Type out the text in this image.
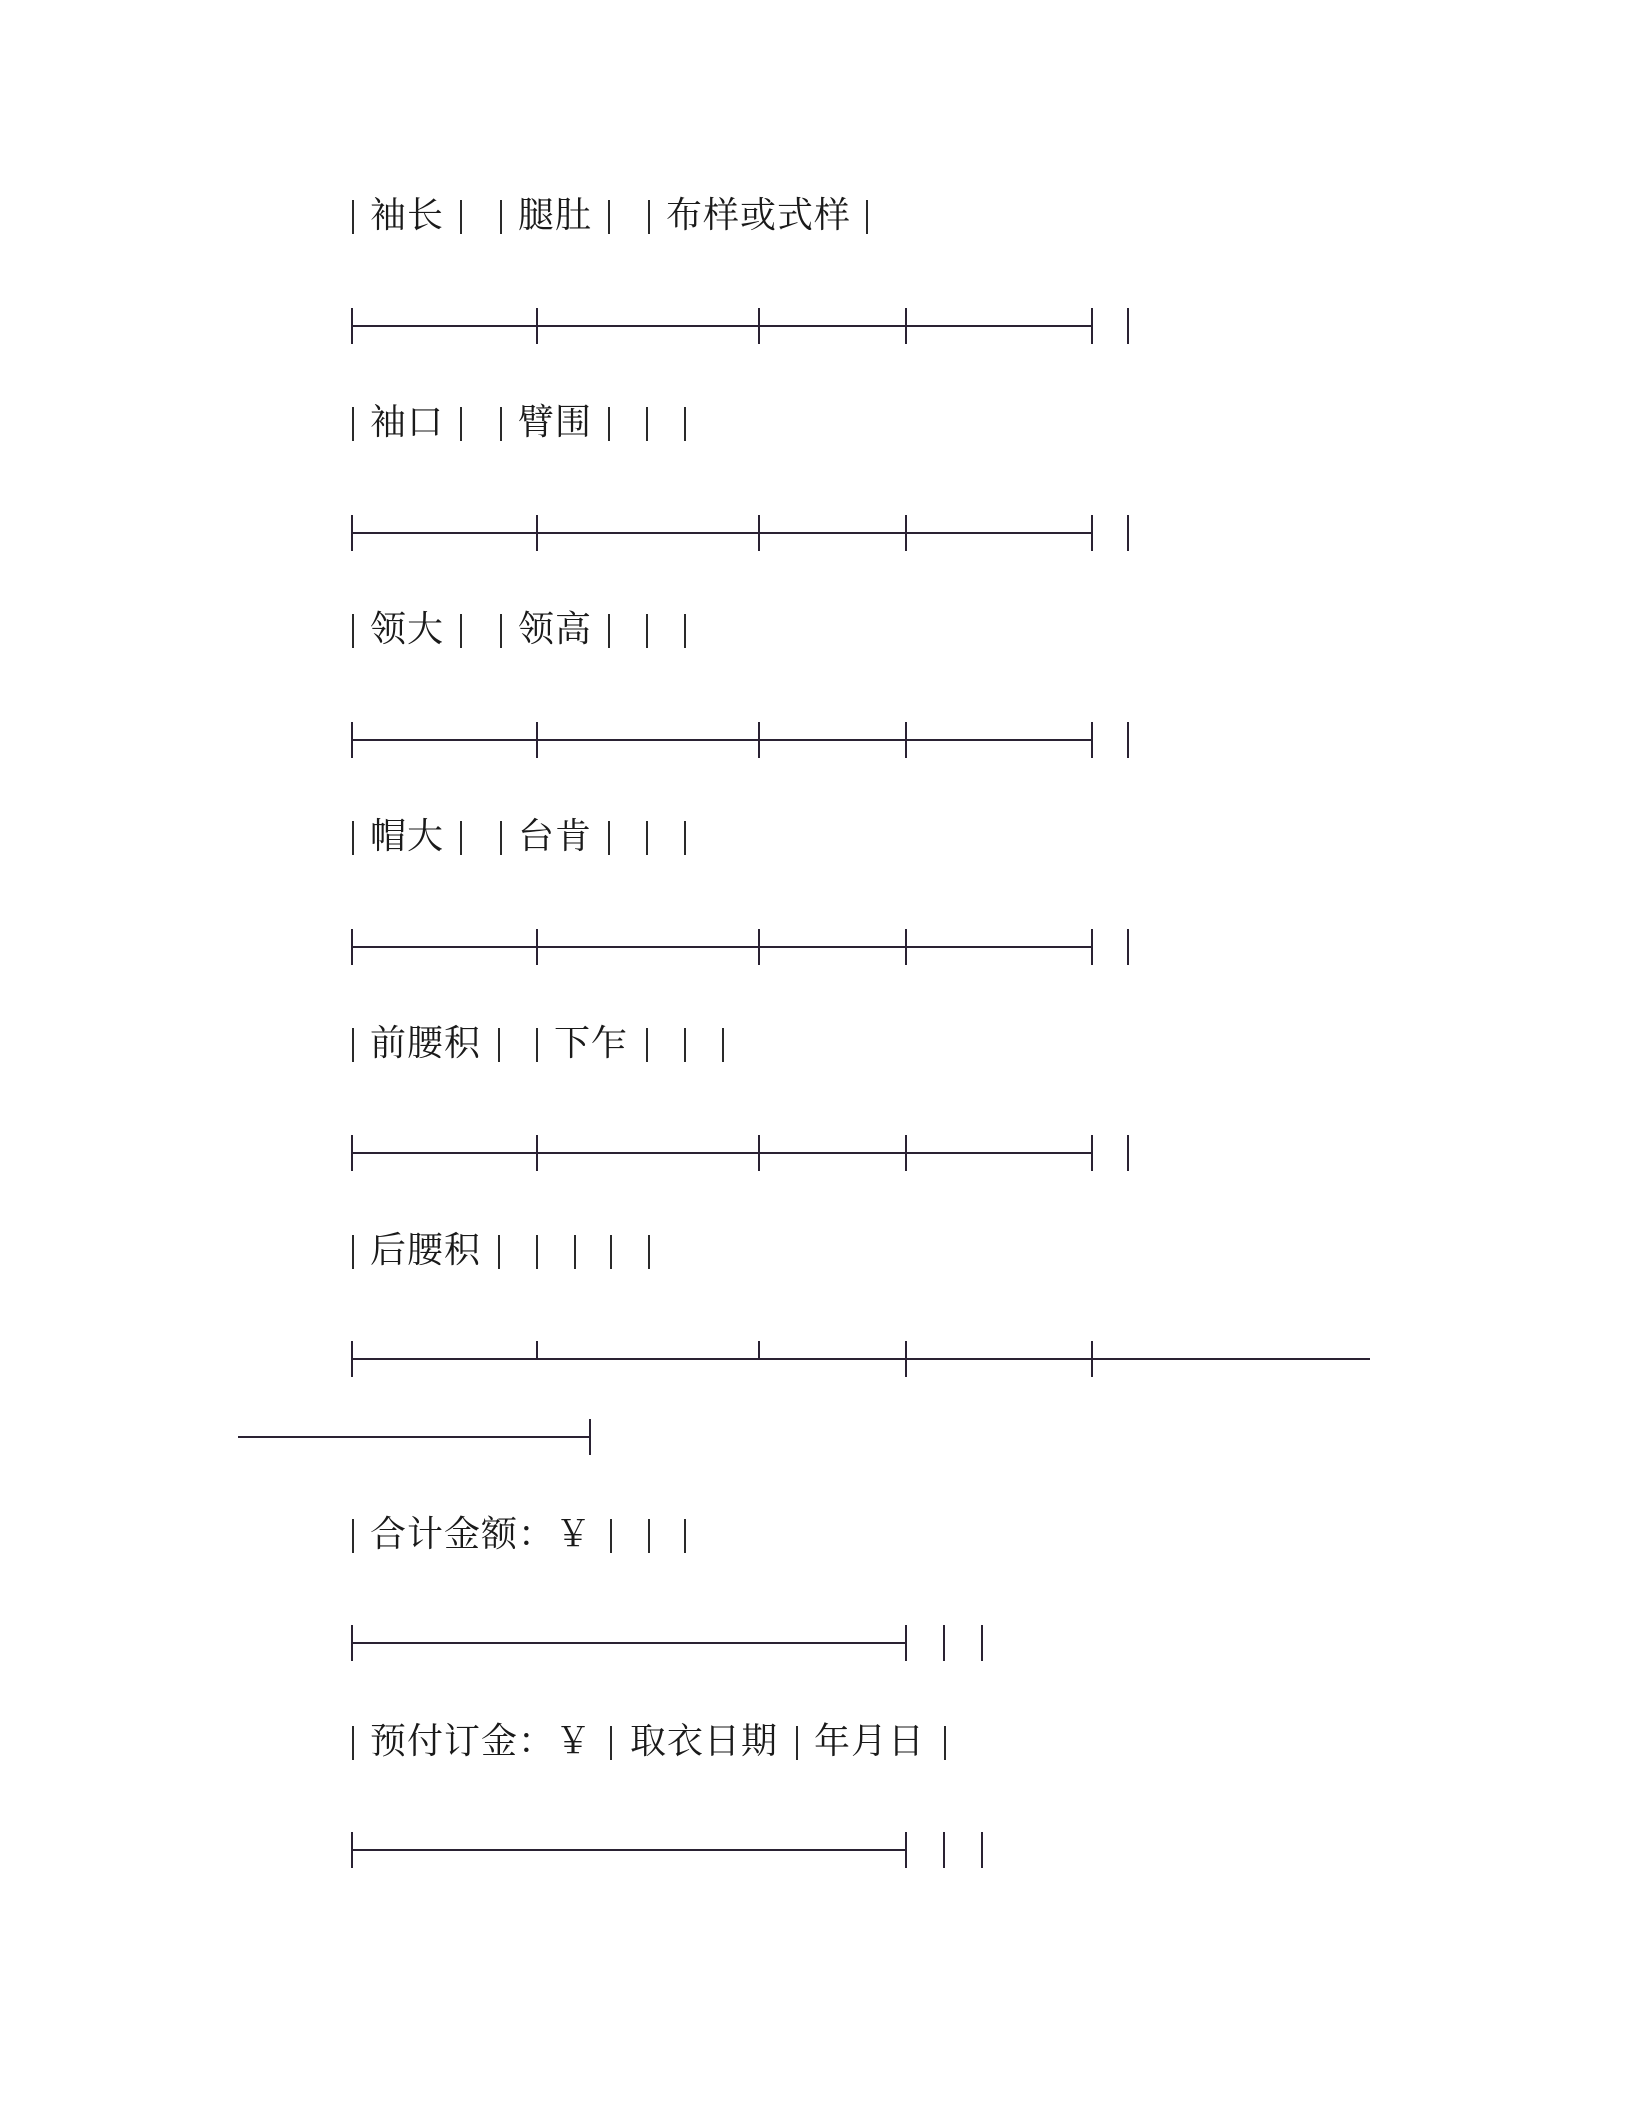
袖长 腿肚 布样或式样
袖口 臂围
领大 领高
帽大 台肯
前腰积 下乍
后腰积
合计金额：￥
预付订金：￥ 取衣日期 年月日
